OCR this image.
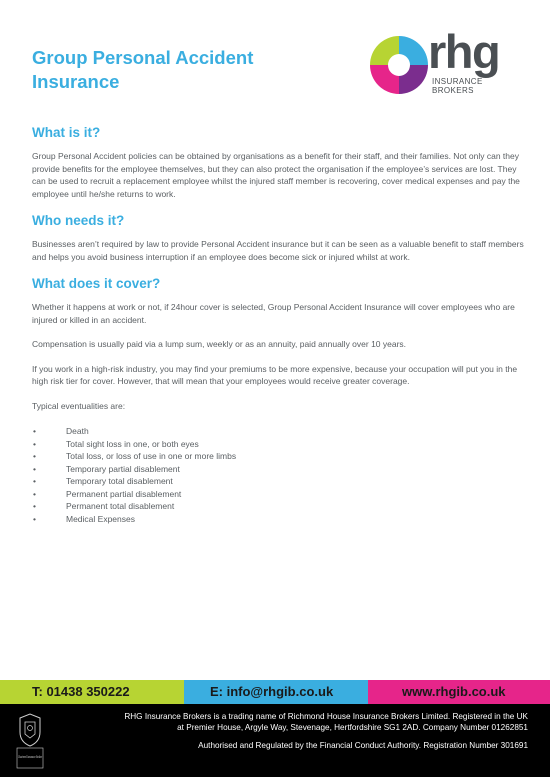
Group Personal Accident Insurance
rhg
INSURANCE
BROKERS
What is it?

Group Personal Accident policies can be obtained by organisations as a benefit for their staff, and their families. Not only can they provide benefits for the employee themselves, but they can also protect the organisation if the employee’s services are lost. They can be used to recruit a replacement employee whilst the injured staff member is recovering, cover medical expenses and pay the employee until he/she returns to work.

Who needs it?

Businesses aren’t required by law to provide Personal Accident insurance but it can be seen as a valuable benefit to staff members and helps you avoid business interruption if an employee does become sick or injured whilst at work.

What does it cover?

Whether it happens at work or not, if 24hour cover is selected, Group Personal Accident Insurance will cover employees who are injured or killed in an accident.

Compensation is usually paid via a lump sum, weekly or as an annuity, paid annually over 10 years.

If you work in a high-risk industry, you may find your premiums to be more expensive, because your occupation will put you in the high risk tier for cover. However, that will mean that your employees would receive greater coverage.

Typical eventualities are:

•	Death
•	Total sight loss in one, or both eyes
•	Total loss, or loss of use in one or more limbs
•	Temporary partial disablement
•	Temporary total disablement
•	Permanent partial disablement
•	Permanent total disablement
•	Medical Expenses
T: 01438 350222	E: info@rhgib.co.uk	www.rhgib.co.uk
Chartered Insurance Broker
RHG Insurance Brokers is a trading name of Richmond House Insurance Brokers Limited. Registered in the UK
at Premier House, Argyle Way, Stevenage, Hertfordshire SG1 2AD. Company Number 01262851
Authorised and Regulated by the Financial Conduct Authority. Registration Number 301691
